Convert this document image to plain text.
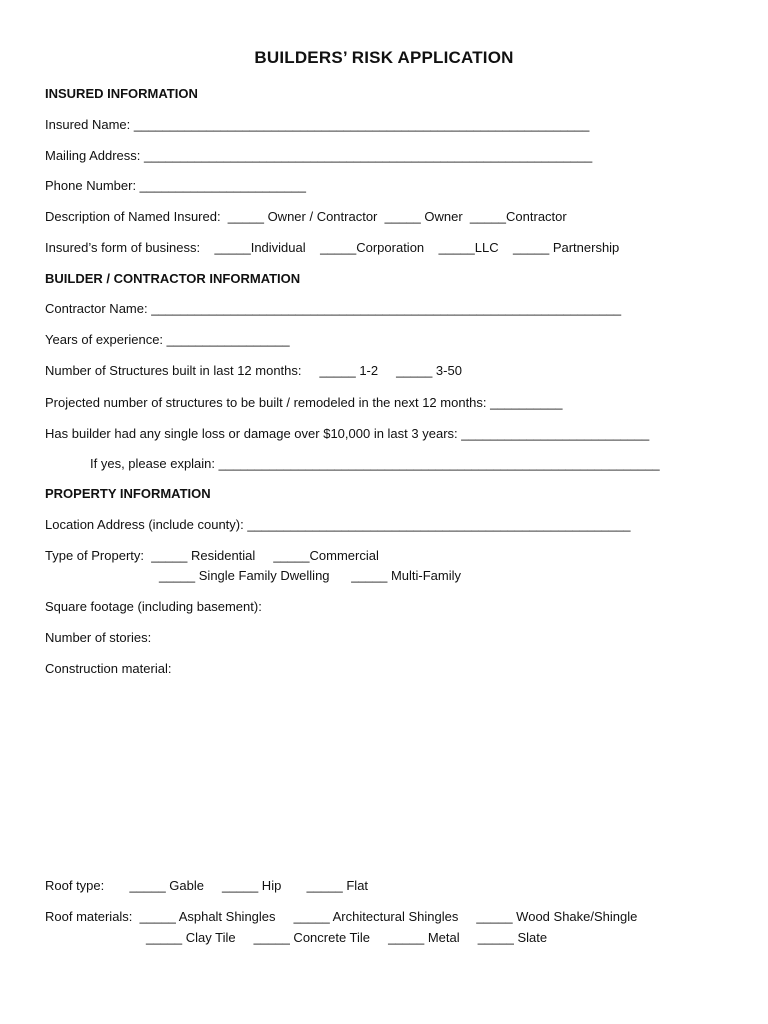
BUILDERS’ RISK APPLICATION
INSURED INFORMATION
Insured Name: _______________________________________________________________
Mailing Address: ______________________________________________________________
Phone Number: _______________________
Description of Named Insured:  _____ Owner / Contractor  _____ Owner  _____Contractor
Insured’s form of business:    _____Individual    _____Corporation    _____LLC    _____ Partnership
BUILDER / CONTRACTOR INFORMATION
Contractor Name: _________________________________________________________________
Years of experience: _________________
Number of Structures built in last 12 months:     _____ 1-2     _____ 3-50
Projected number of structures to be built / remodeled in the next 12 months: __________
Has builder had any single loss or damage over $10,000 in last 3 years: __________________________
If yes, please explain: _____________________________________________________________
PROPERTY INFORMATION
Location Address (include county): _____________________________________________________
Type of Property:  _____ Residential     _____Commercial
_____ Single Family Dwelling      _____ Multi-Family
Square footage (including basement):
Number of stories:
Construction material:
Roof type:       _____ Gable     _____ Hip       _____ Flat
Roof materials:  _____ Asphalt Shingles     _____ Architectural Shingles     _____ Wood Shake/Shingle
_____ Clay Tile     _____ Concrete Tile     _____ Metal     _____ Slate
